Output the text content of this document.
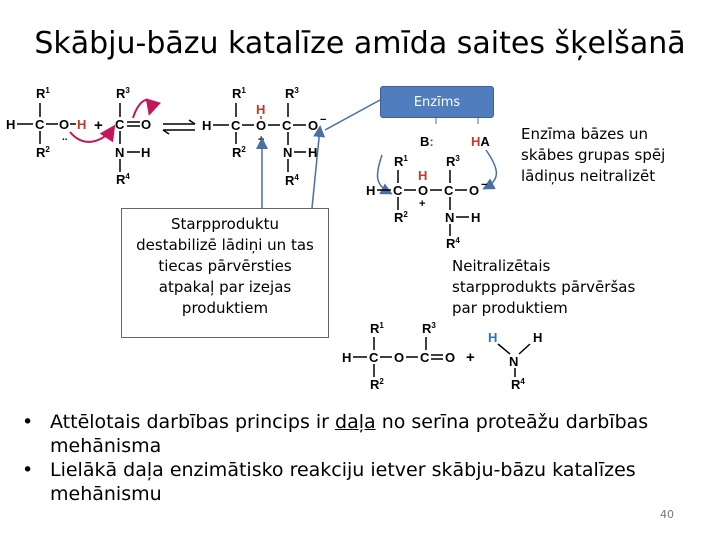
Skābju-bāzu katalīze amīda saites šķelšanā
$R^1$
H C O
..
H
$R^2$
+
$R^3$
C O
N H
$R^4$
$R^1$
H C O
H
+
C
$R^3$
O −
$R^2$	N H
$R^4$
B:	HA
$R^1$
H C O
H
+
C
$R^3$
O −
$R^2$	N H
$R^4$
$R^1$
H C O C
$R^3$
O
$R^2$
+
H	H
N
$R^4$
Enzīms
Starpproduktu
destabilizē lādiņi un tas
tiecas pārvērsties
atpakaļ par izejas
produktiem
Enzīma bāzes un
skābes grupas spēj
lādiņus neitralizēt
Neitralizētais
starpprodukts pārvēršas
par produktiem
• Attēlotais darbības princips ir daļa no serīna proteāžu darbības mehānisma
• Lielākā daļa enzimātisko reakciju ietver skābju-bāzu katalīzes mehānismu
40
